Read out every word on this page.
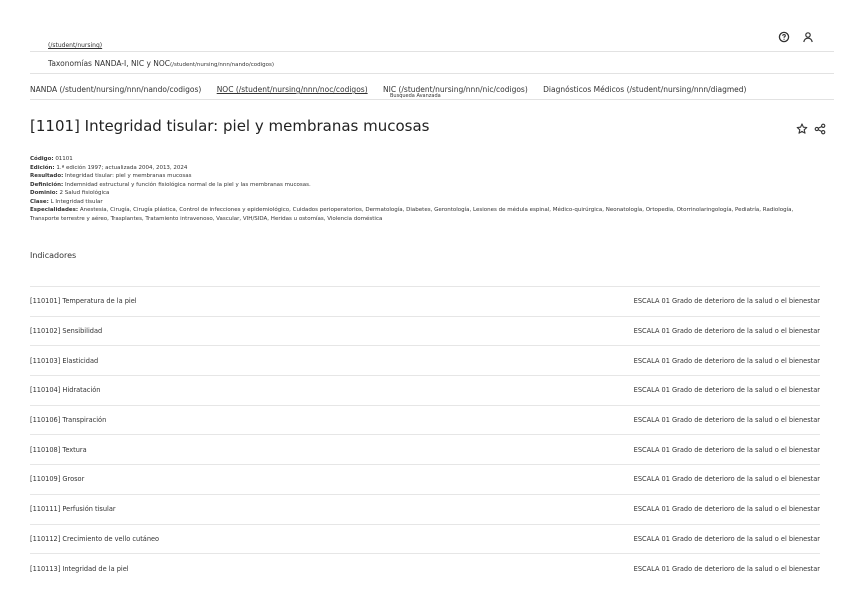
(/student/nursing)
Taxonomías NANDA-I, NIC y NOC(/student/nursing/nnn/nando/codigos)
NANDA (/student/nursing/nnn/nando/codigos) NOC (/student/nursing/nnn/noc/codigos) NIC (/student/nursing/nnn/nic/codigos) Diagnósticos Médicos (/student/nursing/nnn/diagmed)
Busqueda Avanzada
[1101] Integridad tisular: piel y membranas mucosas
Código: 01101
Edición: 1.ª edición 1997; actualizada 2004, 2013, 2024
Resultado: Integridad tisular: piel y membranas mucosas
Definición: Indemnidad estructural y función fisiológica normal de la piel y las membranas mucosas.
Dominio: 2 Salud fisiológica
Clase: L Integridad tisular
Especialidades: Anestesia, Cirugía, Cirugía plástica, Control de infecciones y epidemiológico, Cuidados perioperatorios, Dermatología, Diabetes, Gerontología, Lesiones de médula espinal, Médico-quirúrgica, Neonatología, Ortopedia, Otorrinolaringología, Pediatría, Radiología, Transporte terrestre y aéreo, Trasplantes, Tratamiento intravenoso, Vascular, VIH/SIDA, Heridas u ostomías, Violencia doméstica
Indicadores
[110101] Temperatura de la piel	ESCALA 01 Grado de deterioro de la salud o el bienestar
[110102] Sensibilidad	ESCALA 01 Grado de deterioro de la salud o el bienestar
[110103] Elasticidad	ESCALA 01 Grado de deterioro de la salud o el bienestar
[110104] Hidratación	ESCALA 01 Grado de deterioro de la salud o el bienestar
[110106] Transpiración	ESCALA 01 Grado de deterioro de la salud o el bienestar
[110108] Textura	ESCALA 01 Grado de deterioro de la salud o el bienestar
[110109] Grosor	ESCALA 01 Grado de deterioro de la salud o el bienestar
[110111] Perfusión tisular	ESCALA 01 Grado de deterioro de la salud o el bienestar
[110112] Crecimiento de vello cutáneo	ESCALA 01 Grado de deterioro de la salud o el bienestar
[110113] Integridad de la piel	ESCALA 01 Grado de deterioro de la salud o el bienestar
